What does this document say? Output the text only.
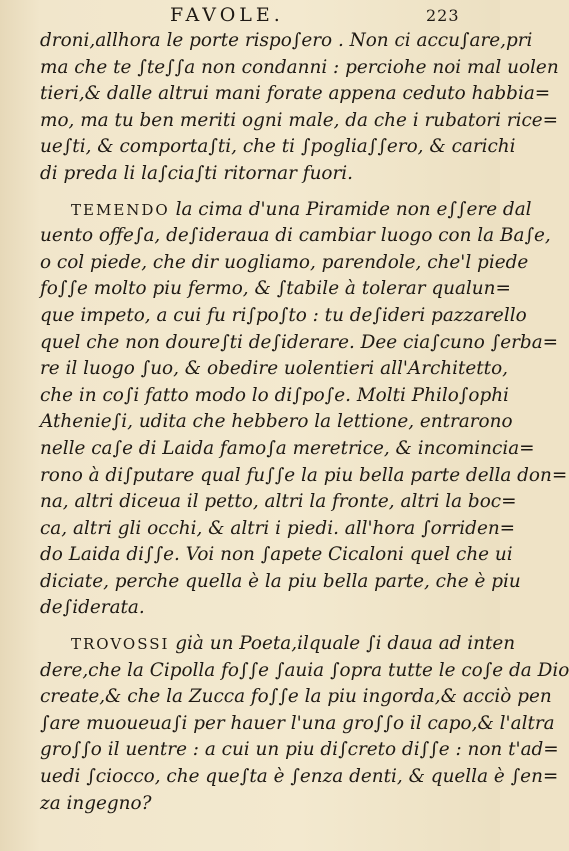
FAVOLE.	223
droni,allhora le porte rispo∫ero . Non ci accu∫are,pri
ma che te ∫te∫∫a non condanni : perciohe noi mal uolen
tieri,& dalle altrui mani forate appena ceduto habbia=
mo, ma tu ben meriti ogni male, da che i rubatori rice=
ue∫ti, & comporta∫ti, che ti ∫poglia∫∫ero, & carichi
di preda li la∫cia∫ti ritornar fuori.
TEMENDO la cima d'una Piramide non e∫∫ere dal
uento offe∫a, de∫ideraua di cambiar luogo con la Ba∫e,
o col piede, che dir uogliamo, parendole, che'l piede
fo∫∫e molto piu fermo, & ∫tabile à tolerar qualun=
que impeto, a cui fu ri∫po∫to : tu de∫ideri pazzarello
quel che non doure∫ti de∫iderare. Dee cia∫cuno ∫erba=
re il luogo ∫uo, & obedire uolentieri all'Architetto,
che in co∫i fatto modo lo di∫po∫e. Molti Philo∫ophi
Athenie∫i, udita che hebbero la lettione, entrarono
nelle ca∫e di Laida famo∫a meretrice, & incomincia=
rono à di∫putare qual fu∫∫e la piu bella parte della don=
na, altri diceua il petto, altri la fronte, altri la boc=
ca, altri gli occhi, & altri i piedi. all'hora ∫orriden=
do Laida di∫∫e. Voi non ∫apete Cicaloni quel che ui
diciate, perche quella è la piu bella parte, che è piu
de∫iderata.
TROVOSSI già un Poeta,ilquale ∫i daua ad inten
dere,che la Cipolla fo∫∫e ∫auia ∫opra tutte le co∫e da Dio
create,& che la Zucca fo∫∫e la piu ingorda,& acciò pen
∫are muoueua∫i per hauer l'una gro∫∫o il capo,& l'altra
gro∫∫o il uentre : a cui un piu di∫creto di∫∫e : non t'ad=
uedi ∫ciocco, che que∫ta è ∫enza denti, & quella è ∫en=
za ingegno?
